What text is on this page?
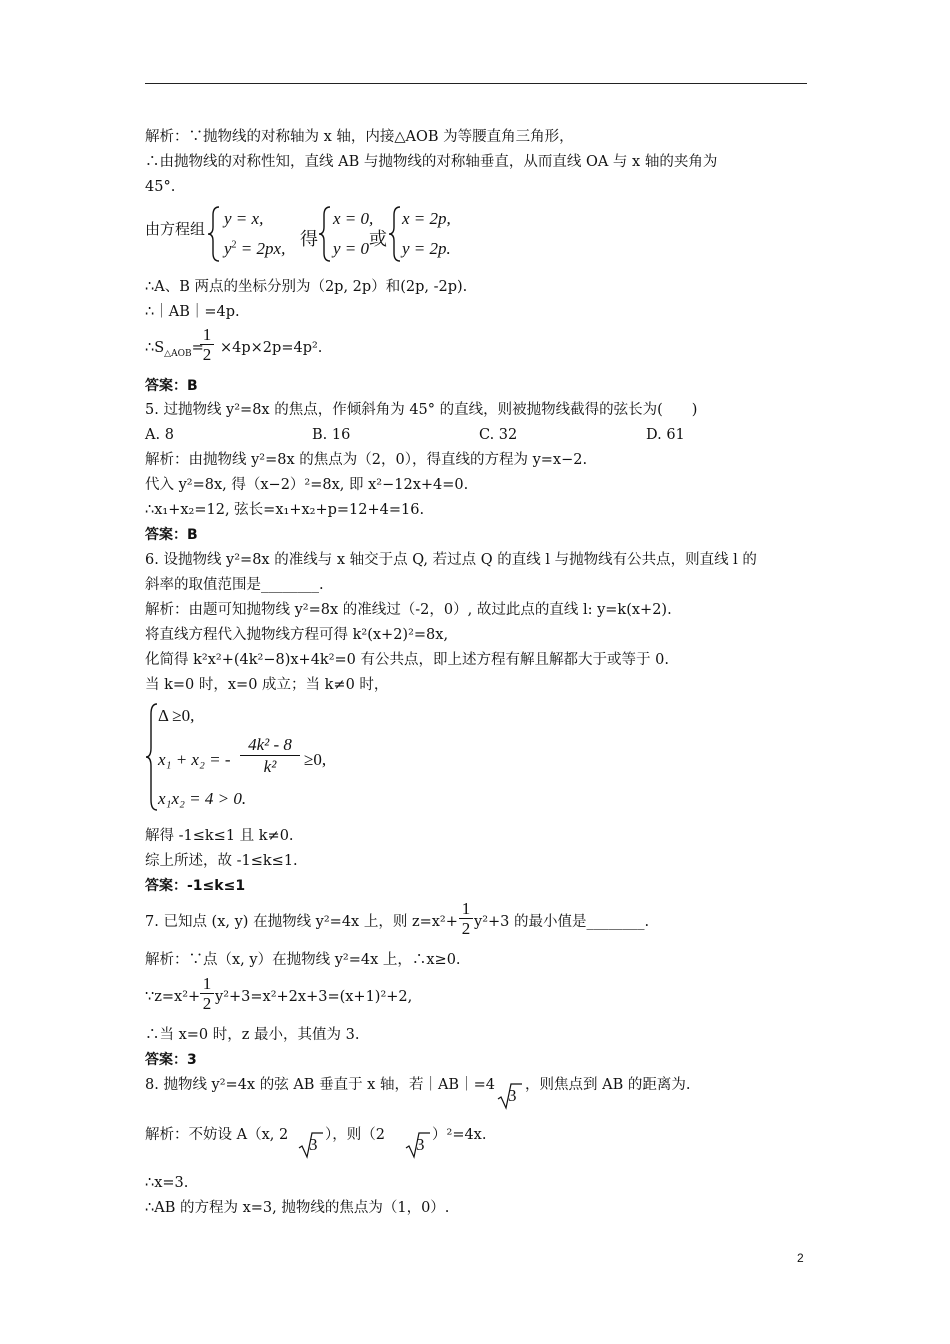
解析：∵抛物线的对称轴为 x 轴，内接△AOB 为等腰直角三角形，
∴由抛物线的对称性知，直线 AB 与抛物线的对称轴垂直，从而直线 OA 与 x 轴的夹角为
45°.
由方程组
y = x,
$y^2 = 2px$, 得
x = 0,
y = 0 或
x = 2p,
y = 2p.
∴A、B 两点的坐标分别为（2p, 2p）和(2p, -2p).
∴｜AB｜=4p.
$\therefore S_{\triangle AOB}=$
$\frac{1}{2} \times 4p\times 2p=4p^2$.
答案：B
5. 过抛物线 y²=8x 的焦点，作倾斜角为 45° 的直线，则被抛物线截得的弦长为(　　)
A. 8	B. 16	C. 32	D. 61
解析：由抛物线 y²=8x 的焦点为（2，0），得直线的方程为 y=x−2.
代入 y²=8x, 得（x−2）²=8x, 即 x²−12x+4=0.
∴x₁+x₂=12, 弦长=x₁+x₂+p=12+4=16.
答案：B
6. 设抛物线 y²=8x 的准线与 x 轴交于点 Q, 若过点 Q 的直线 l 与抛物线有公共点，则直线 l 的
斜率的取值范围是________.
解析：由题可知抛物线 y²=8x 的准线过（-2，0）, 故过此点的直线 l: y=k(x+2).
将直线方程代入抛物线方程可得 k²(x+2)²=8x,
化简得 k²x²+(4k²−8)x+4k²=0 有公共点，即上述方程有解且解都大于或等于 0.
当 k=0 时，x=0 成立；当 k≠0 时，
Δ ≥0,
x₁ + x₂ = - $\frac{\text{4k² - 8}}{\text{k²}} \ge 0$,
x₁x₂ = 4 > 0.
解得 -1≤k≤1 且 k≠0.
综上所述，故 -1≤k≤1.
答案：-1≤k≤1
7. 已知点 (x, y) 在抛物线 y²=4x 上，则 $z=x^2+ \frac{1}{2} y^2+3$ 的最小值是________.
解析：∵点（x, y）在抛物线 y²=4x 上，∴x≥0.
∵z=x²+ $\frac{1}{2} y^2+3=x^2+2x+3=(x+1)^2+2$,
∴当 x=0 时，z 最小，其值为 3.
答案：3
8. 抛物线 y²=4x 的弦 AB 垂直于 x 轴，若｜AB｜=4
3
，则焦点到 AB 的距离为.
解析：不妨设 A（x, 2 3 ），则（2 3 ）²=4x.
∴x=3.
∴AB 的方程为 x=3, 抛物线的焦点为（1，0）.
2
